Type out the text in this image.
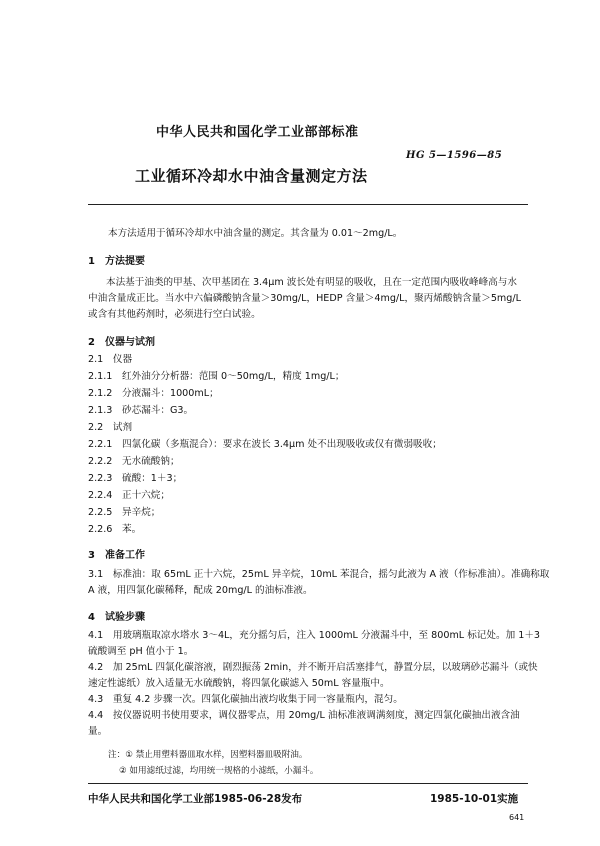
中华人民共和国化学工业部部标准
HG 5—1596—85
工业循环冷却水中油含量测定方法
本方法适用于循环冷却水中油含量的测定。其含量为 0.01～2mg/L。
1　方法提要
本法基于油类的甲基、次甲基团在 3.4μm 波长处有明显的吸收，且在一定范围内吸收峰峰高与水
中油含量成正比。当水中六偏磷酸钠含量＞30mg/L，HEDP 含量＞4mg/L，聚丙烯酸钠含量＞5mg/L
或含有其他药剂时，必须进行空白试验。
2　仪器与试剂
2.1　仪器
2.1.1　红外油分分析器：范围 0～50mg/L，精度 1mg/L；
2.1.2　分液漏斗：1000mL；
2.1.3　砂芯漏斗：G3。
2.2　试剂
2.2.1　四氯化碳（多瓶混合）：要求在波长 3.4μm 处不出现吸收或仅有微弱吸收；
2.2.2　无水硫酸钠；
2.2.3　硫酸：1＋3；
2.2.4　正十六烷；
2.2.5　异辛烷；
2.2.6　苯。
3　准备工作
3.1　标准油：取 65mL 正十六烷，25mL 异辛烷，10mL 苯混合，摇匀此液为 A 液（作标准油）。准确称取
A 液，用四氯化碳稀释，配成 20mg/L 的油标准液。
4　试验步骤
4.1　用玻璃瓶取凉水塔水 3～4L，充分摇匀后，注入 1000mL 分液漏斗中，至 800mL 标记处。加 1＋3
硫酸调至 pH 值小于 1。
4.2　加 25mL 四氯化碳溶液，剧烈振荡 2min，并不断开启活塞排气，静置分层，以玻璃砂芯漏斗（或快
速定性滤纸）放入适量无水硫酸钠，将四氯化碳滤入 50mL 容量瓶中。
4.3　重复 4.2 步骤一次。四氯化碳抽出液均收集于同一容量瓶内，混匀。
4.4　按仪器说明书使用要求，调仪器零点，用 20mg/L 油标准液调满刻度，测定四氯化碳抽出液含油
量。
注：① 禁止用塑料器皿取水样，因塑料器皿吸附油。
② 如用滤纸过滤，均用统一规格的小滤纸，小漏斗。
中华人民共和国化学工业部1985-06-28发布	1985-10-01实施
641
